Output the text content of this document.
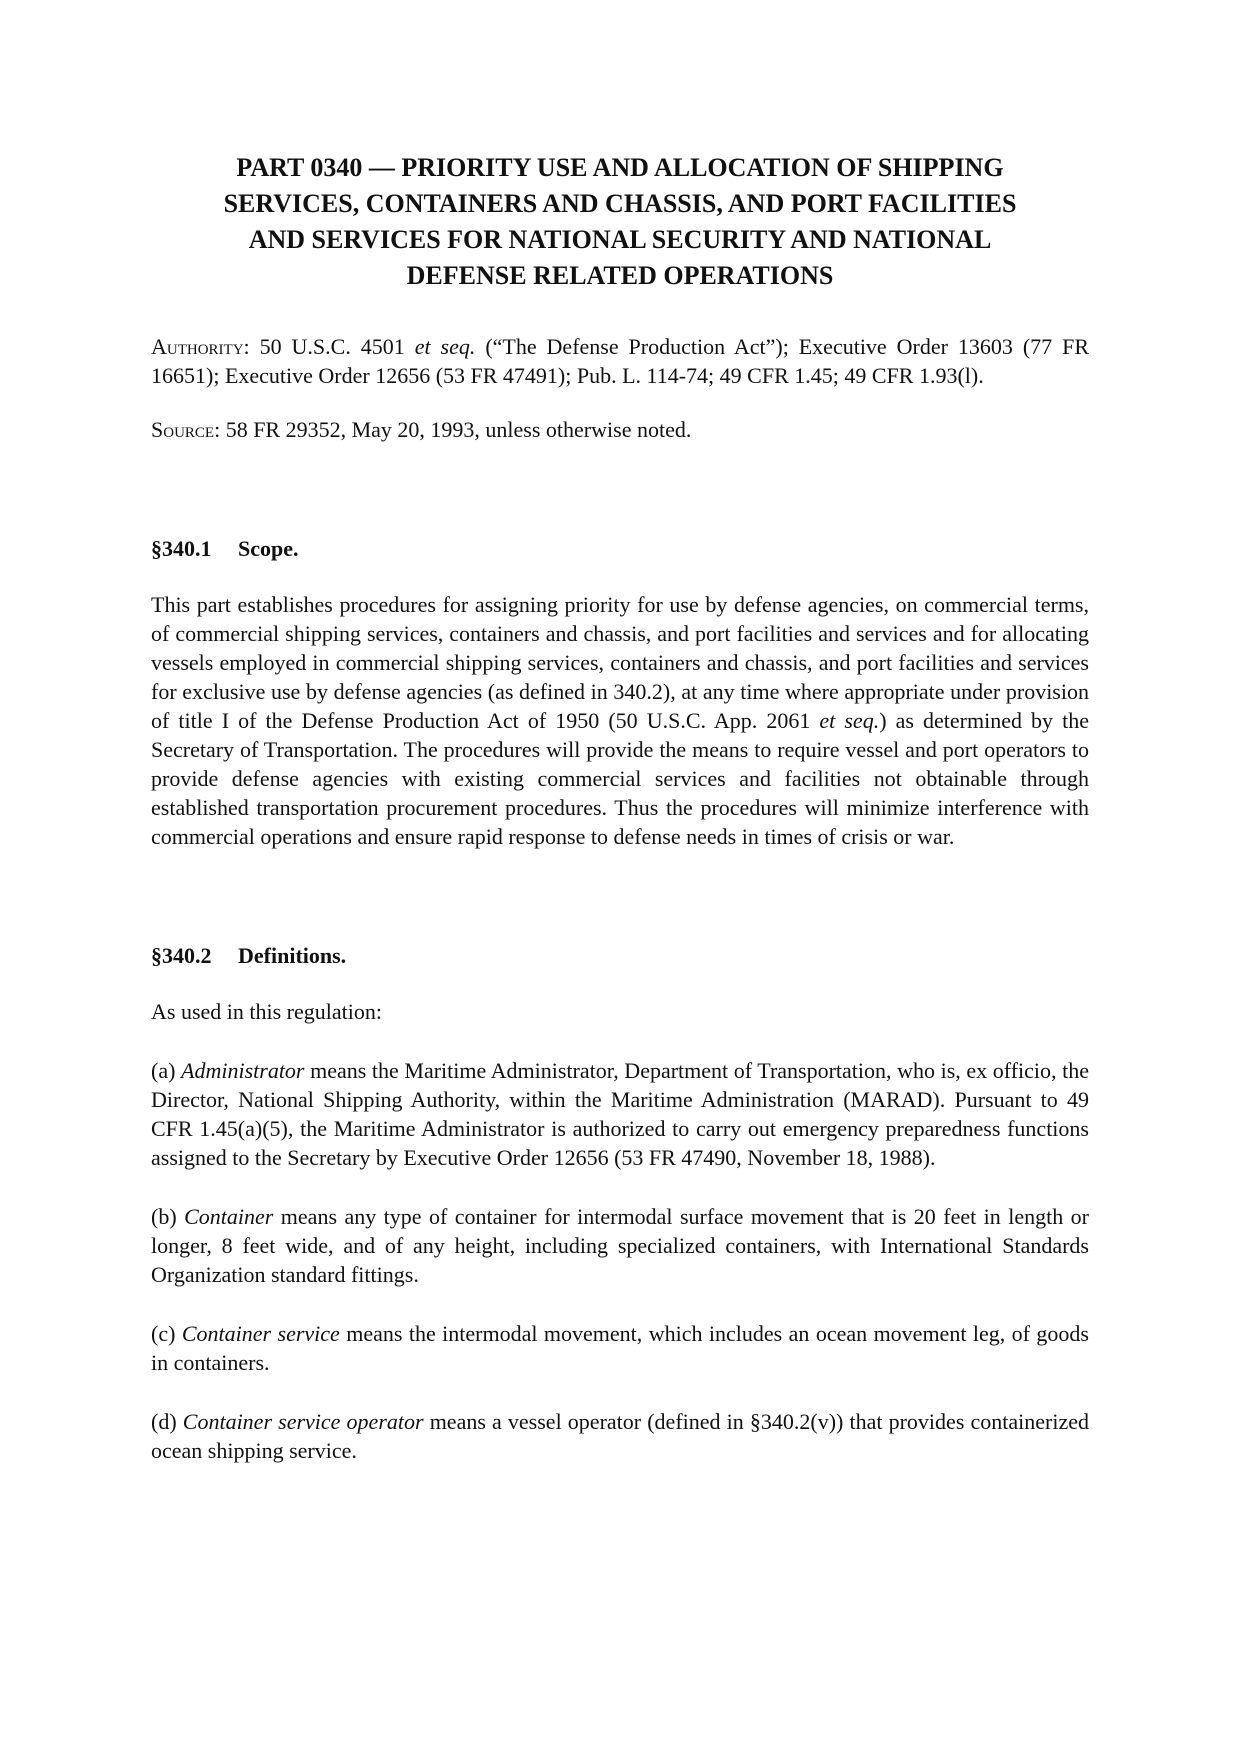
PART 0340 — PRIORITY USE AND ALLOCATION OF SHIPPING
SERVICES, CONTAINERS AND CHASSIS, AND PORT FACILITIES
AND SERVICES FOR NATIONAL SECURITY AND NATIONAL
DEFENSE RELATED OPERATIONS

Authority: 50 U.S.C. 4501 et seq. (“The Defense Production Act”); Executive Order 13603 (77 FR 16651); Executive Order 12656 (53 FR 47491); Pub. L. 114-74; 49 CFR 1.45; 49 CFR 1.93(l).

Source: 58 FR 29352, May 20, 1993, unless otherwise noted.

§340.1 Scope.

This part establishes procedures for assigning priority for use by defense agencies, on commercial terms, of commercial shipping services, containers and chassis, and port facilities and services and for allocating vessels employed in commercial shipping services, containers and chassis, and port facilities and services for exclusive use by defense agencies (as defined in 340.2), at any time where appropriate under provision of title I of the Defense Production Act of 1950 (50 U.S.C. App. 2061 et seq.) as determined by the Secretary of Transportation. The procedures will provide the means to require vessel and port operators to provide defense agencies with existing commercial services and facilities not obtainable through established transportation procurement procedures. Thus the procedures will minimize interference with commercial operations and ensure rapid response to defense needs in times of crisis or war.

§340.2 Definitions.

As used in this regulation:

(a) Administrator means the Maritime Administrator, Department of Transportation, who is, ex officio, the Director, National Shipping Authority, within the Maritime Administration (MARAD). Pursuant to 49 CFR 1.45(a)(5), the Maritime Administrator is authorized to carry out emergency preparedness functions assigned to the Secretary by Executive Order 12656 (53 FR 47490, November 18, 1988).

(b) Container means any type of container for intermodal surface movement that is 20 feet in length or longer, 8 feet wide, and of any height, including specialized containers, with International Standards Organization standard fittings.

(c) Container service means the intermodal movement, which includes an ocean movement leg, of goods in containers.

(d) Container service operator means a vessel operator (defined in §340.2(v)) that provides containerized ocean shipping service.
